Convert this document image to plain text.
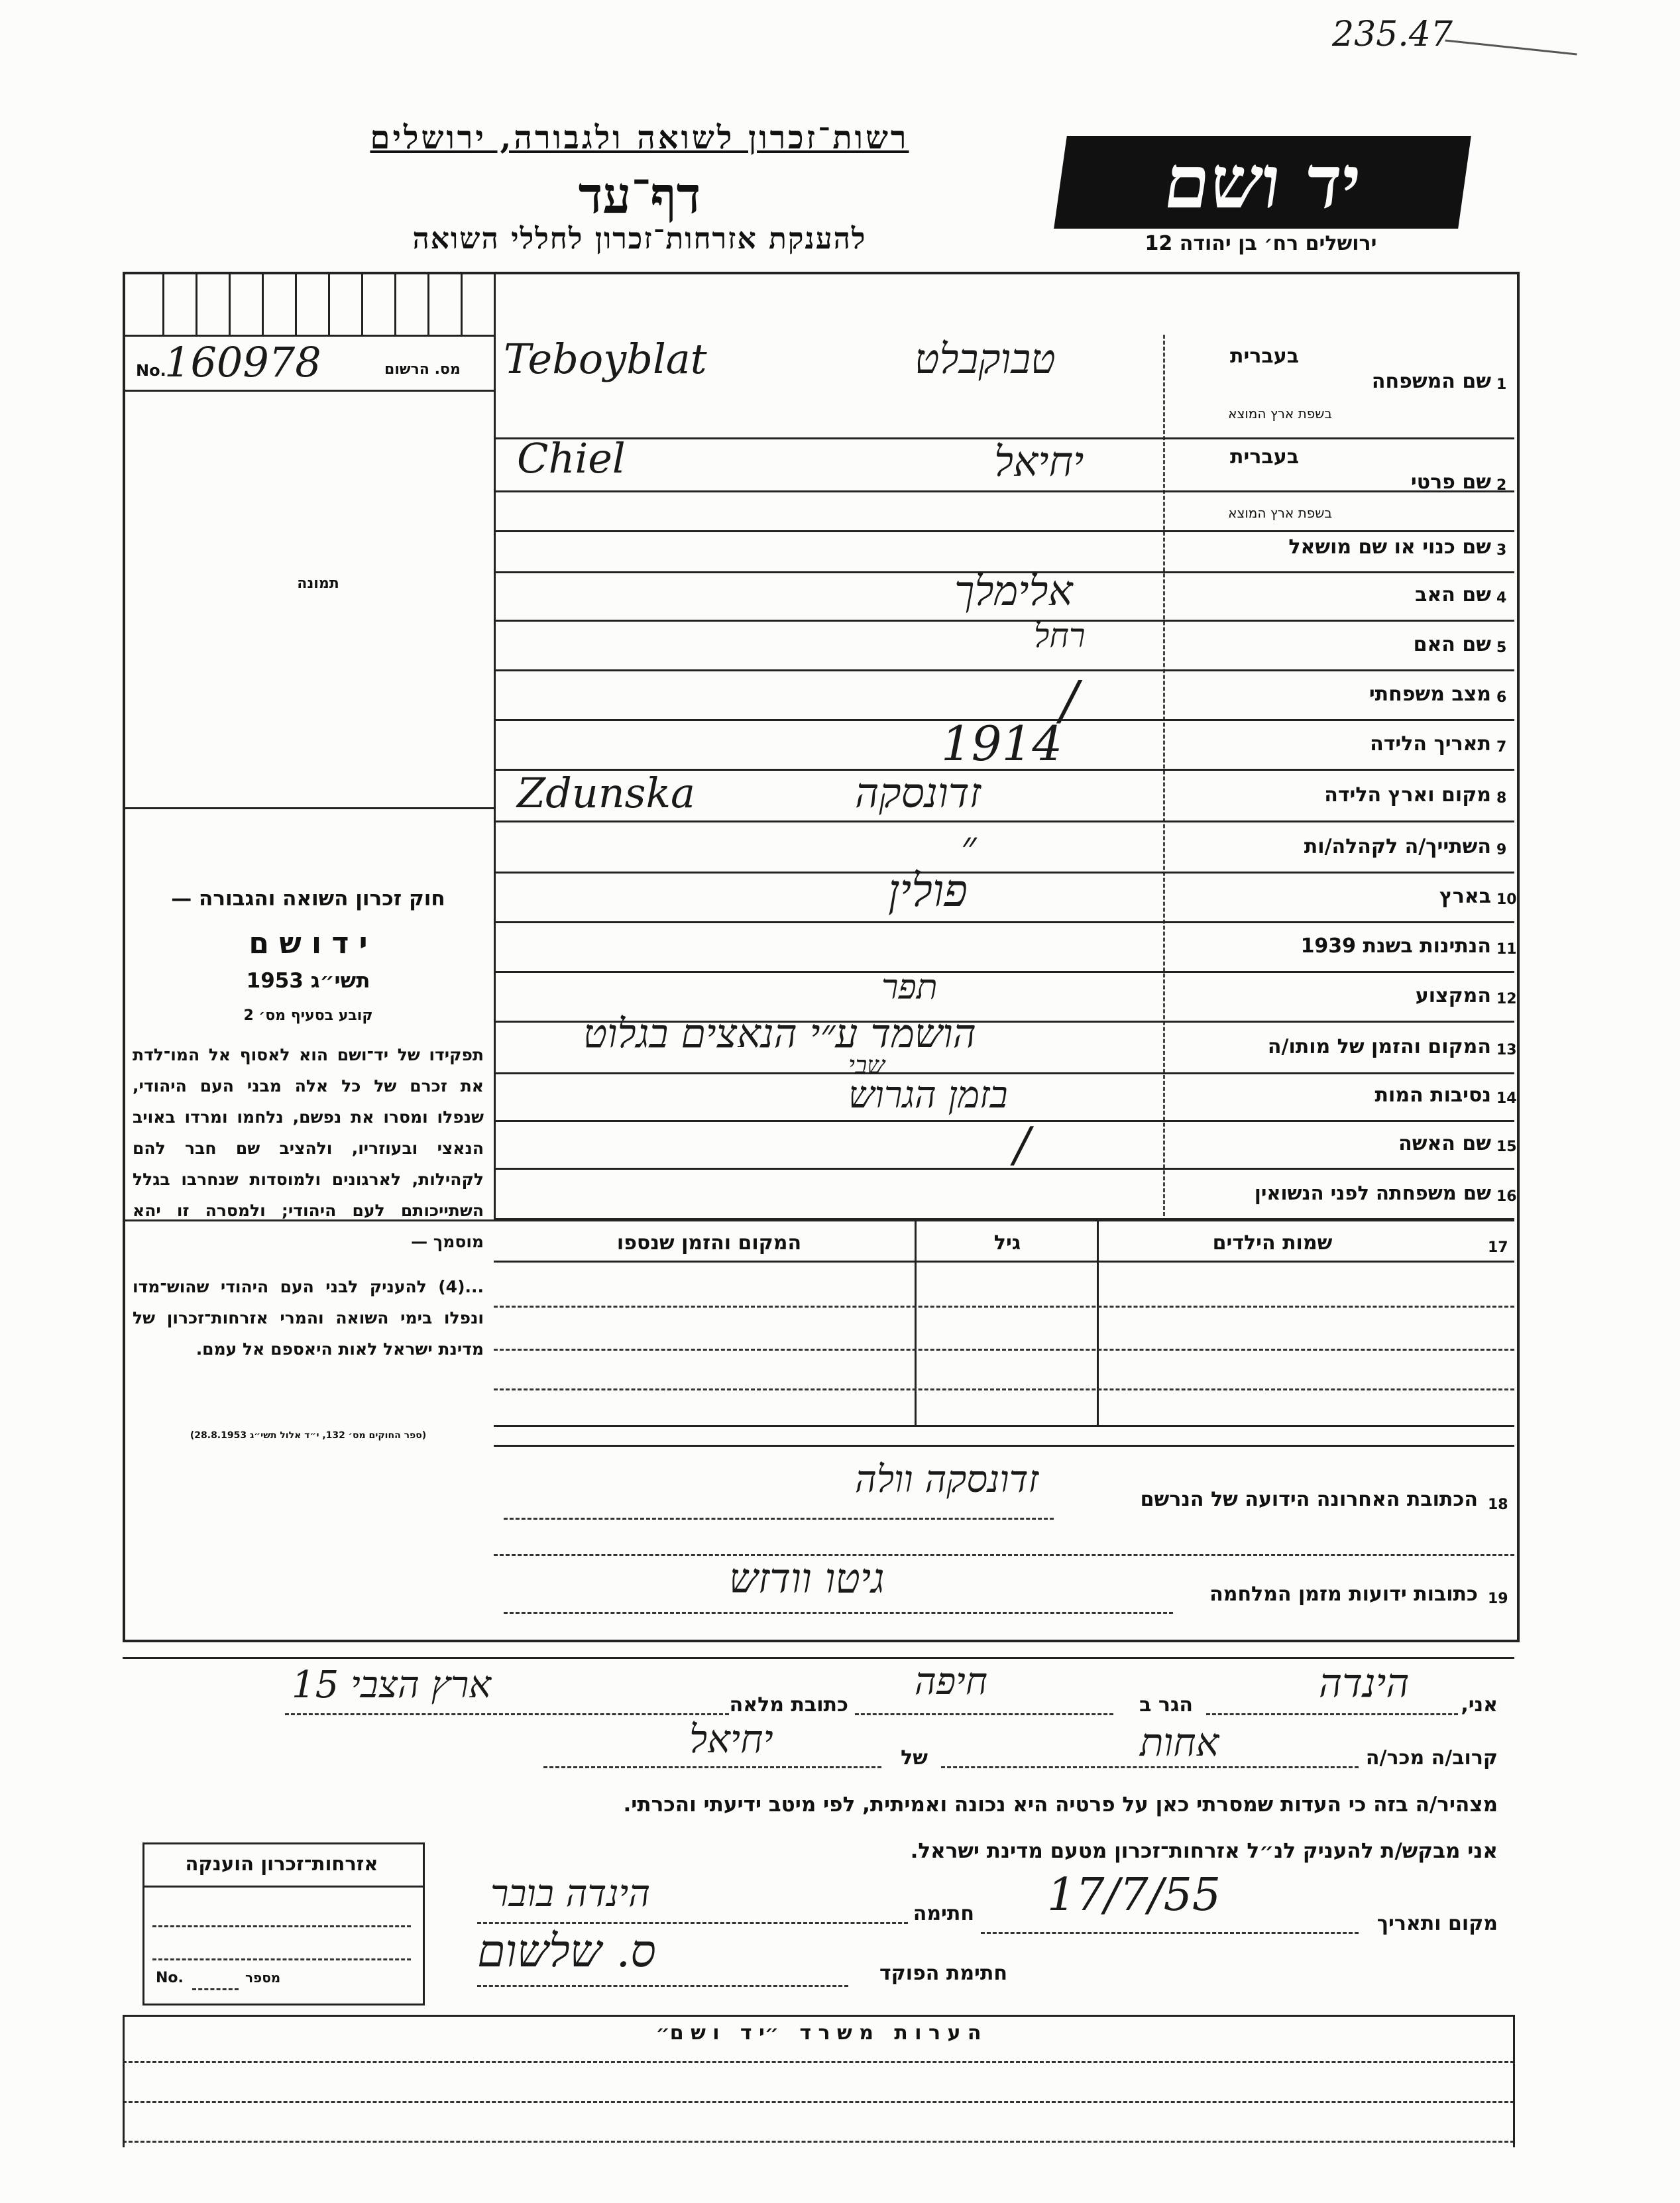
235.47
יד ושם
ירושלים רח׳ בן יהודה 12
רשות־זכרון לשואה ולגבורה, ירושלים
דף־עד
להענקת אזרחות־זכרון לחללי השואה
No.
160978	מס. הרשום
תמונה
חוק זכרון השואה והגבורה —
י ד ו ש ם
תשי״ג 1953
קובע בסעיף מס׳ 2
תפקידו של יד־ושם הוא לאסוף אל המו־לדת את זכרם של כל אלה מבני העם היהודי, שנפלו ומסרו את נפשם, נלחמו ומרדו באויב הנאצי ובעוזריו, ולהציב שם חבר להם לקהילות, לארגונים ולמוסדות שנחרבו בגלל השתייכותם לעם היהודי; ולמסרה זו יהא מוסמך —
...(4) להעניק לבני העם היהודי שהוש־מדו ונפלו בימי השואה והמרי אזרחות־זכרון של מדינת ישראל לאות היאספם אל עמם.
(ספר החוקים מס׳ 132, י״ד אלול תשי״ג 28.8.1953)
1
שם המשפחה
בעברית
בשפת ארץ המוצא
טבוקבלט
Teboyblat
2
שם פרטי
בעברית
בשפת ארץ המוצא
יחיאל
Chiel
3
שם כנוי או שם מושאל
4
שם האב
אלימלך
5
שם האם
רחל
6
מצב משפחתי
/
7
תאריך הלידה
1914
8
מקום וארץ הלידה
זדונסקה
Zdunska
9
השתייך/ה לקהלה/ות
״
10
בארץ
פולין
11
הנתינות בשנת 1939
12
המקצוע
תפר
13
המקום והזמן של מותו/ה
הושמד ע״י הנאצים בגלוט
שבי
14
נסיבות המות
בזמן הגרוש
15
שם האשה
/
16
שם משפחתה לפני הנשואין
17
שמות הילדים
גיל
המקום והזמן שנספו
18
הכתובת האחרונה הידועה של הנרשם
זדונסקה וולה
19
כתובות ידועות מזמן המלחמה
גיטו וודזש
אני,
הינדה
הגר ב
חיפה
כתובת מלאה
ארץ הצבי 15
קרוב/ה מכר/ה
אחות
של
יחיאל
מצהיר/ה בזה כי העדות שמסרתי כאן על פרטיה היא נכונה ואמיתית, לפי מיטב ידיעתי והכרתי.
אני מבקש/ת להעניק לנ״ל אזרחות־זכרון מטעם מדינת ישראל.
מקום ותאריך
17/7/55
חתימה
הינדה בובר
חתימת הפוקד
ס. שלשום
אזרחות־זכרון הוענקה
No.	מספר
ה ע ר ו ת   מ ש ר ד   ״י ד   ו ש ם״
